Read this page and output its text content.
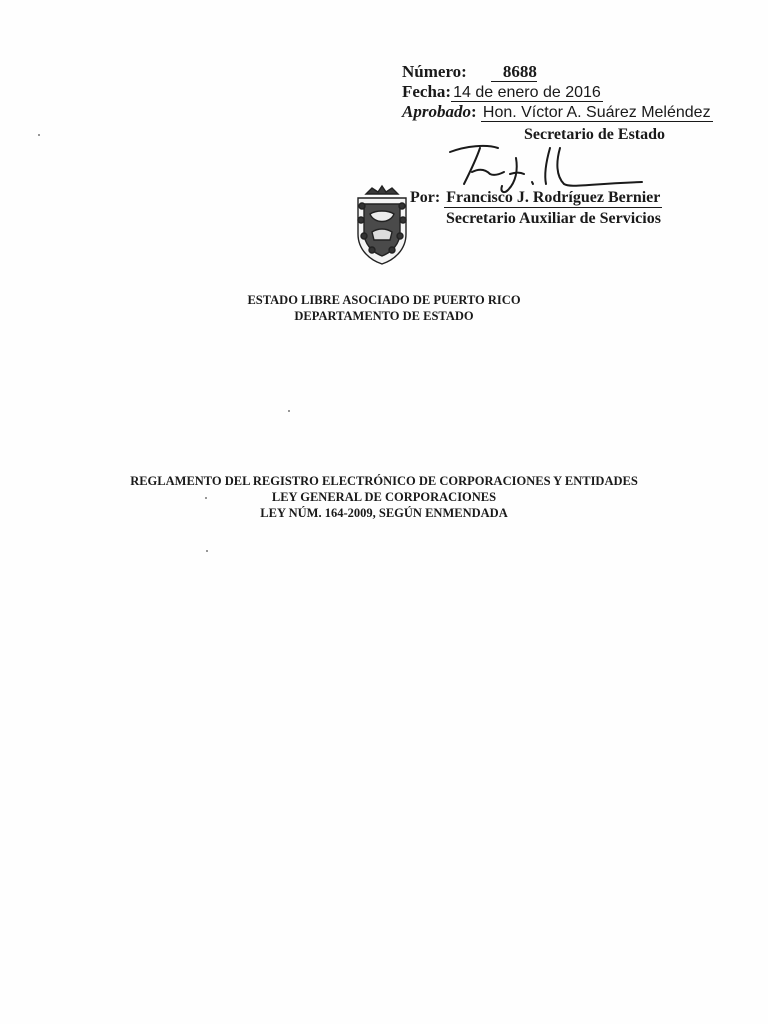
Número: 8688
Fecha: 14 de enero de 2016
Aprobado: Hon. Víctor A. Suárez Meléndez
Secretario de Estado
Por: Francisco J. Rodríguez Bernier
Secretario Auxiliar de Servicios
ESTADO LIBRE ASOCIADO DE PUERTO RICO
DEPARTAMENTO DE ESTADO
REGLAMENTO DEL REGISTRO ELECTRÓNICO DE CORPORACIONES Y ENTIDADES
LEY GENERAL DE CORPORACIONES
LEY NÚM. 164-2009, SEGÚN ENMENDADA
